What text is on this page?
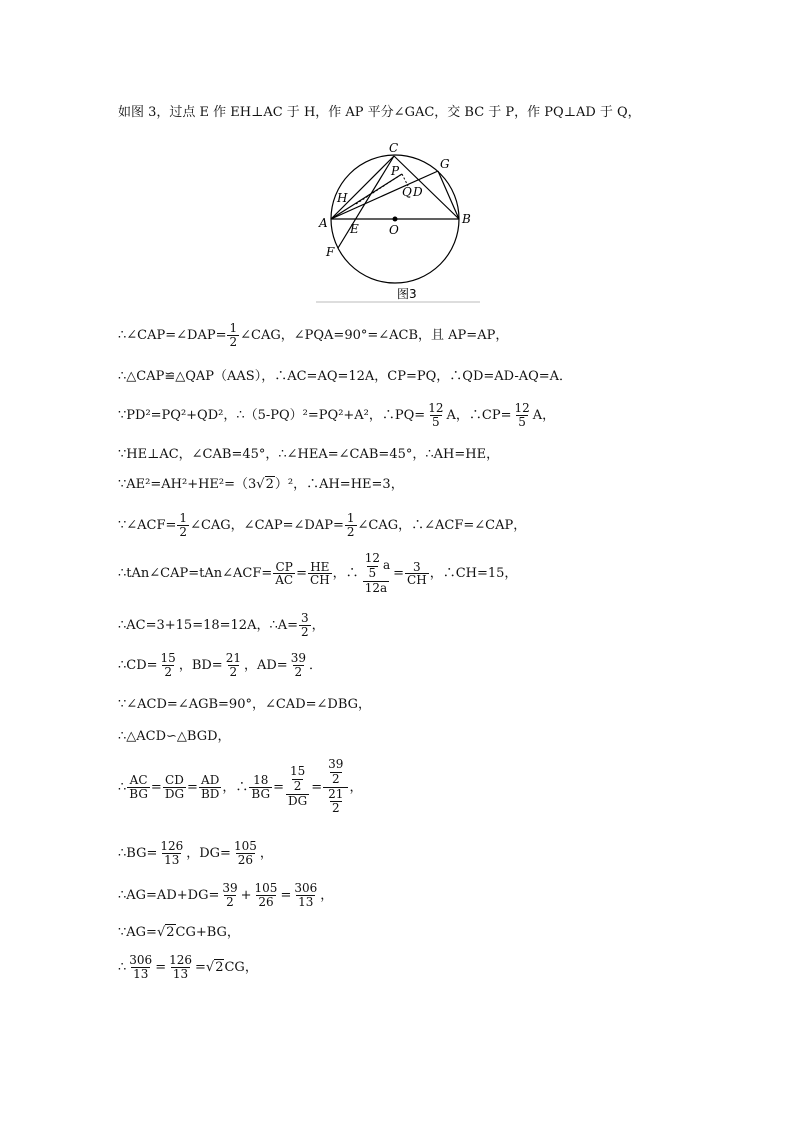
如图 3，过点 E 作 EH⊥AC 于 H，作 AP 平分∠GAC，交 BC 于 P，作 PQ⊥AD 于 Q，
C
G
P
Q D
H
A E	O
B
F
图3
∴∠CAP=∠DAP= $\frac{1}{2}$ ∠CAG，∠PQA=90°=∠ACB，且 AP=AP，
∴△CAP≌△QAP（AAS），∴AC=AQ=12A，CP=PQ，∴QD=AD-AQ=A．
∵PD²=PQ²+QD²，∴（5-PQ）²=PQ²+A²，∴PQ= $\frac{12}{5}$ A，∴CP= $\frac{12}{5}$ A，
∵HE⊥AC，∠CAB=45°，∴∠HEA=∠CAB=45°，∴AH=HE，
∵AE²=AH²+HE²=（3 √2 ）²，∴AH=HE=3，
∵∠ACF= $\frac{1}{2}$ ∠CAG，∠CAP=∠DAP= $\frac{1}{2}$ ∠CAG，∴∠ACF=∠CAP，
∴tAn∠CAP=tAn∠ACF= $\frac{CP}{AC} = \frac{HE}{CH}$ ，∴ 12
5
a
$12a = \frac{3}{CH}$ ，∴CH=15，
∴AC=3+15=18=12A，∴A= $\frac{3}{2}$ ，
∴CD= $\frac{15}{2}$ ，$BD= \frac{21}{2}$ ，$AD= \frac{39}{2}$ ．
∵∠ACD=∠AGB=90°，∠CAD=∠DBG，
∴△ACD∽△BGD，
∴ $\frac{AC}{BG} = \frac{CD}{DG} = \frac{AD}{BD}$ ，∴ $\frac{18}{BG} = \frac{\frac{15}{2}}{DG} = \frac{\frac{39}{2}}{\frac{21}{2}}$ ，
∴BG= $\frac{126}{13}$ ，$DG= \frac{105}{26}$ ，
∴AG=AD+DG= $\frac{39}{2} + \frac{105}{26} = \frac{306}{13}$ ，
∵AG= √2 CG+BG，
∴ $\frac{306}{13} = \frac{126}{13} = √2$ CG，
